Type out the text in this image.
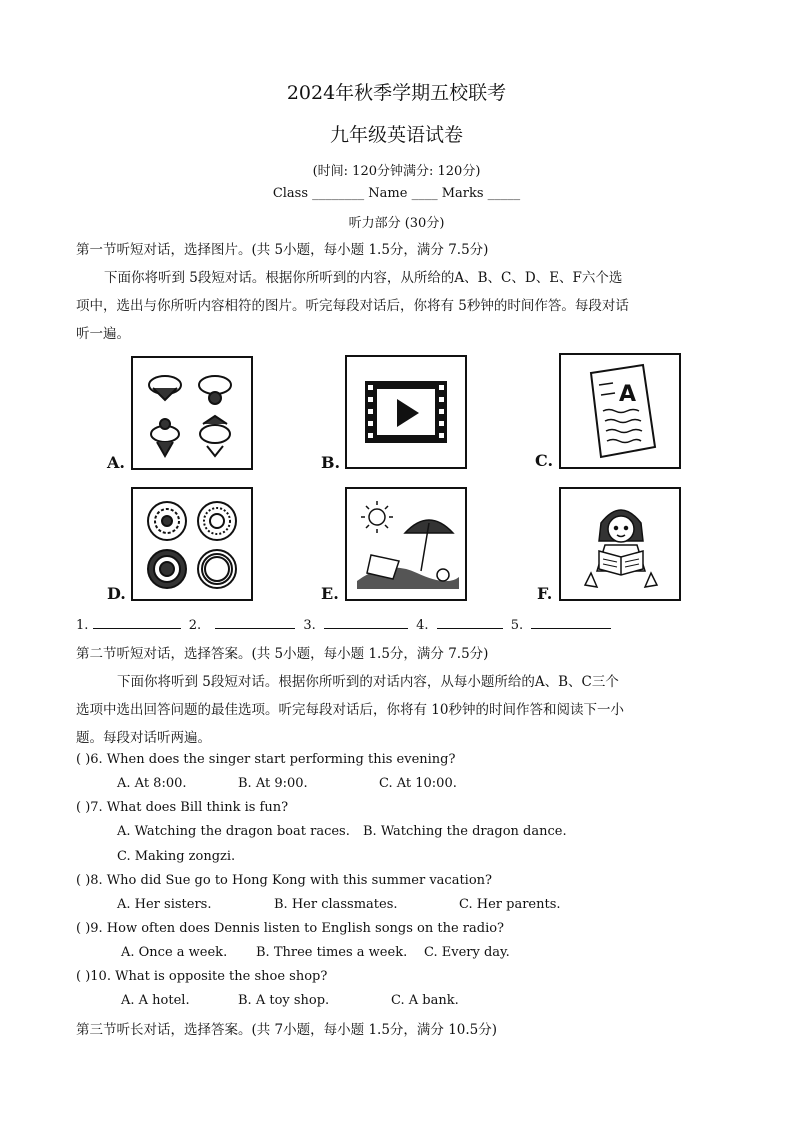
2024年秋季学期五校联考
九年级英语试卷
(时间: 120分钟满分: 120分)
Class ________ Name ____ Marks _____
听力部分 (30分)
第一节听短对话，选择图片。(共 5小题，每小题 1.5分，满分 7.5分)
下面你将听到 5段短对话。根据你所听到的内容，从所给的A、B、C、D、E、F六个选
项中，选出与你所听内容相符的图片。听完每段对话后，你将有 5秒钟的时间作答。每段对话
听一遍。
A.	B.
A
C.
D.	E.	F.
1.	2.	3.	4.	5.
第二节听短对话，选择答案。(共 5小题，每小题 1.5分，满分 7.5分)
下面你将听到 5段短对话。根据你所听到的对话内容，从每小题所给的A、B、C三个
选项中选出回答问题的最佳选项。听完每段对话后，你将有 10秒钟的时间作答和阅读下一小
题。每段对话听两遍。
( )6. When does the singer start performing this evening?
A. At 8:00.	B. At 9:00.	C. At 10:00.
( )7. What does Bill think is fun?
A. Watching the dragon boat races. B. Watching the dragon dance.
C. Making zongzi.
( )8. Who did Sue go to Hong Kong with this summer vacation?
A. Her sisters.	B. Her classmates.	C. Her parents.
( )9. How often does Dennis listen to English songs on the radio?
A. Once a week. B. Three times a week. C. Every day.
( )10. What is opposite the shoe shop?
A. A hotel.	B. A toy shop.	C. A bank.
第三节听长对话，选择答案。(共 7小题，每小题 1.5分，满分 10.5分)
